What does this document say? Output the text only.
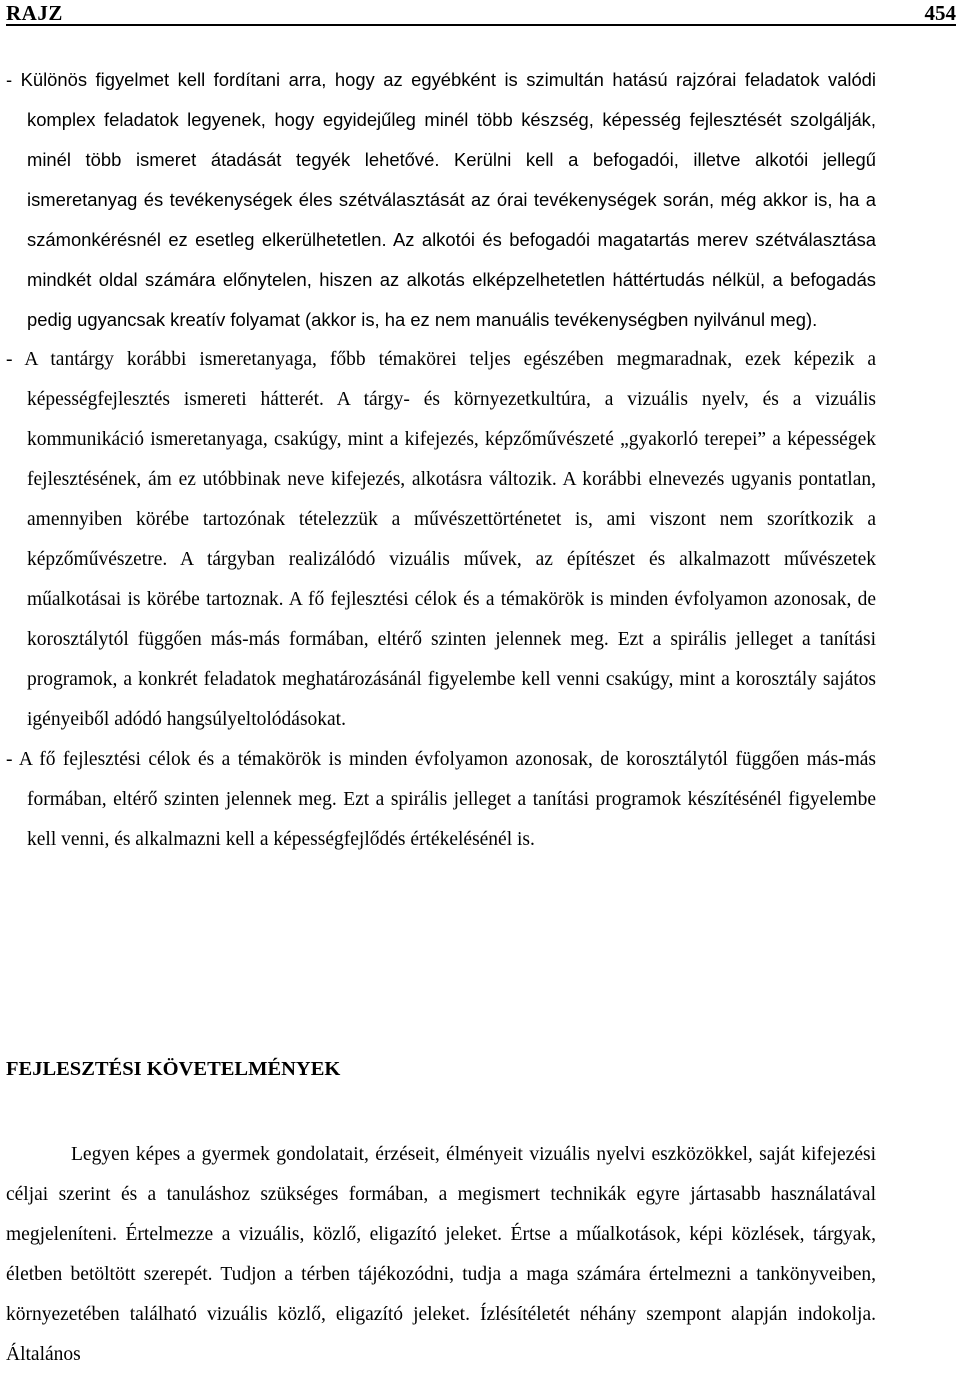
RAJZ	454

- Különös figyelmet kell fordítani arra, hogy az egyébként is szimultán hatású rajzórai feladatok valódi komplex feladatok legyenek, hogy egyidejűleg minél több készség, képesség fejlesztését szolgálják, minél több ismeret átadását tegyék lehetővé. Kerülni kell a befogadói, illetve alkotói jellegű ismeretanyag és tevékenységek éles szétválasztását az órai tevékenységek során, még akkor is, ha a számonkérésnél ez esetleg elkerülhetetlen. Az alkotói és befogadói magatartás merev szétválasztása mindkét oldal számára előnytelen, hiszen az alkotás elképzelhetetlen háttértudás nélkül, a befogadás pedig ugyancsak kreatív folyamat (akkor is, ha ez nem manuális tevékenységben nyilvánul meg).

- A tantárgy korábbi ismeretanyaga, főbb témakörei teljes egészében megmaradnak, ezek képezik a képességfejlesztés ismereti hátterét. A tárgy- és környezetkultúra, a vizuális nyelv, és a vizuális kommunikáció ismeretanyaga, csakúgy, mint a kifejezés, képzőművészeté „gyakorló terepei” a képességek fejlesztésének, ám ez utóbbinak neve kifejezés, alkotásra változik. A korábbi elnevezés ugyanis pontatlan, amennyiben körébe tartozónak tételezzük a művészettörténetet is, ami viszont nem szorítkozik a képzőművészetre. A tárgyban realizálódó vizuális művek, az építészet és alkalmazott művészetek műalkotásai is körébe tartoznak. A fő fejlesztési célok és a témakörök is minden évfolyamon azonosak, de korosztálytól függően más-más formában, eltérő szinten jelennek meg. Ezt a spirális jelleget a tanítási programok, a konkrét feladatok meghatározásánál figyelembe kell venni csakúgy, mint a korosztály sajátos igényeiből adódó hangsúlyeltolódásokat.

- A fő fejlesztési célok és a témakörök is minden évfolyamon azonosak, de korosztálytól függően más-más formában, eltérő szinten jelennek meg. Ezt a spirális jelleget a tanítási programok készítésénél figyelembe kell venni, és alkalmazni kell a képességfejlődés értékelésénél is.

FEJLESZTÉSI KÖVETELMÉNYEK

Legyen képes a gyermek gondolatait, érzéseit, élményeit vizuális nyelvi eszközökkel, saját kifejezési céljai szerint és a tanuláshoz szükséges formában, a megismert technikák egyre jártasabb használatával megjeleníteni. Értelmezze a vizuális, közlő, eligazító jeleket. Értse a műalkotások, képi közlések, tárgyak, életben betöltött szerepét. Tudjon a térben tájékozódni, tudja a maga számára értelmezni a tankönyveiben, környezetében található vizuális közlő, eligazító jeleket. Ízlésítéletét néhány szempont alapján indokolja. Általános
